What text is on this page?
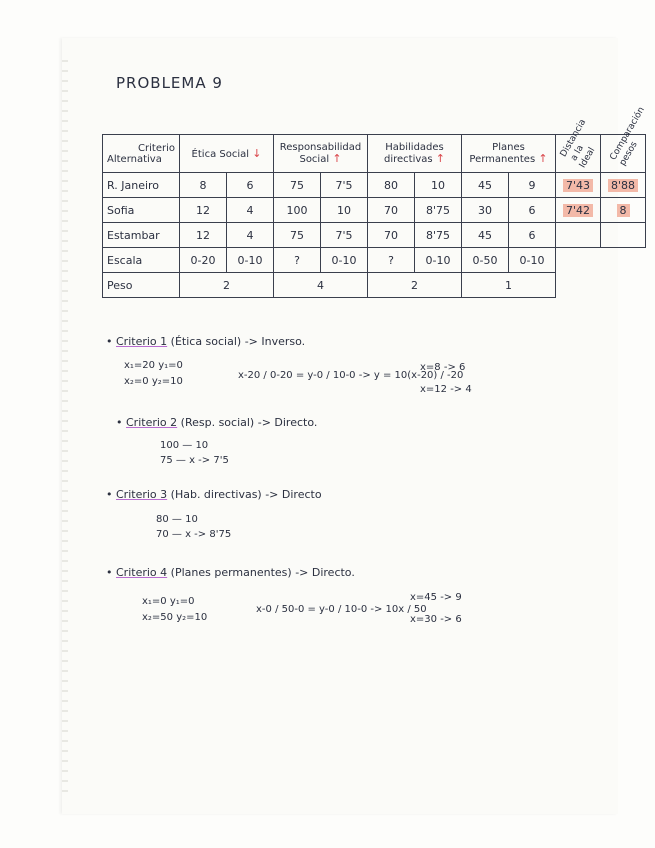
PROBLEMA 9
Criterio
Alternativa	Ética Social ↓		Responsabilidad Social ↑		Habilidades directivas ↑		Planes Permanentes ↑		Distancia a la Ideal	Comparación pesos
R. Janeiro	8	6	75	7'5	80	10	45	9	7'43	8'88
Sofia	12	4	100	10	70	8'75	30	6	7'42	8
Estambar	12	4	75	7'5	70	8'75	45	6		
Escala	0-20	0-10	?	0-10	?	0-10	0-50	0-10		
Peso	2		4		2		1			
• Criterio 1 (Ética social) -> Inverso.
x₁=20 y₁=0
x₂=0 y₂=10
x-20 / 0-20 = y-0 / 10-0 -> y = 10(x-20) / -20
x=8 -> 6
x=12 -> 4
• Criterio 2 (Resp. social) -> Directo.
100 — 10
75 — x -> 7'5
• Criterio 3 (Hab. directivas) -> Directo
80 — 10
70 — x -> 8'75
• Criterio 4 (Planes permanentes) -> Directo.
x₁=0 y₁=0
x₂=50 y₂=10
x-0 / 50-0 = y-0 / 10-0 -> 10x / 50
x=45 -> 9
x=30 -> 6
